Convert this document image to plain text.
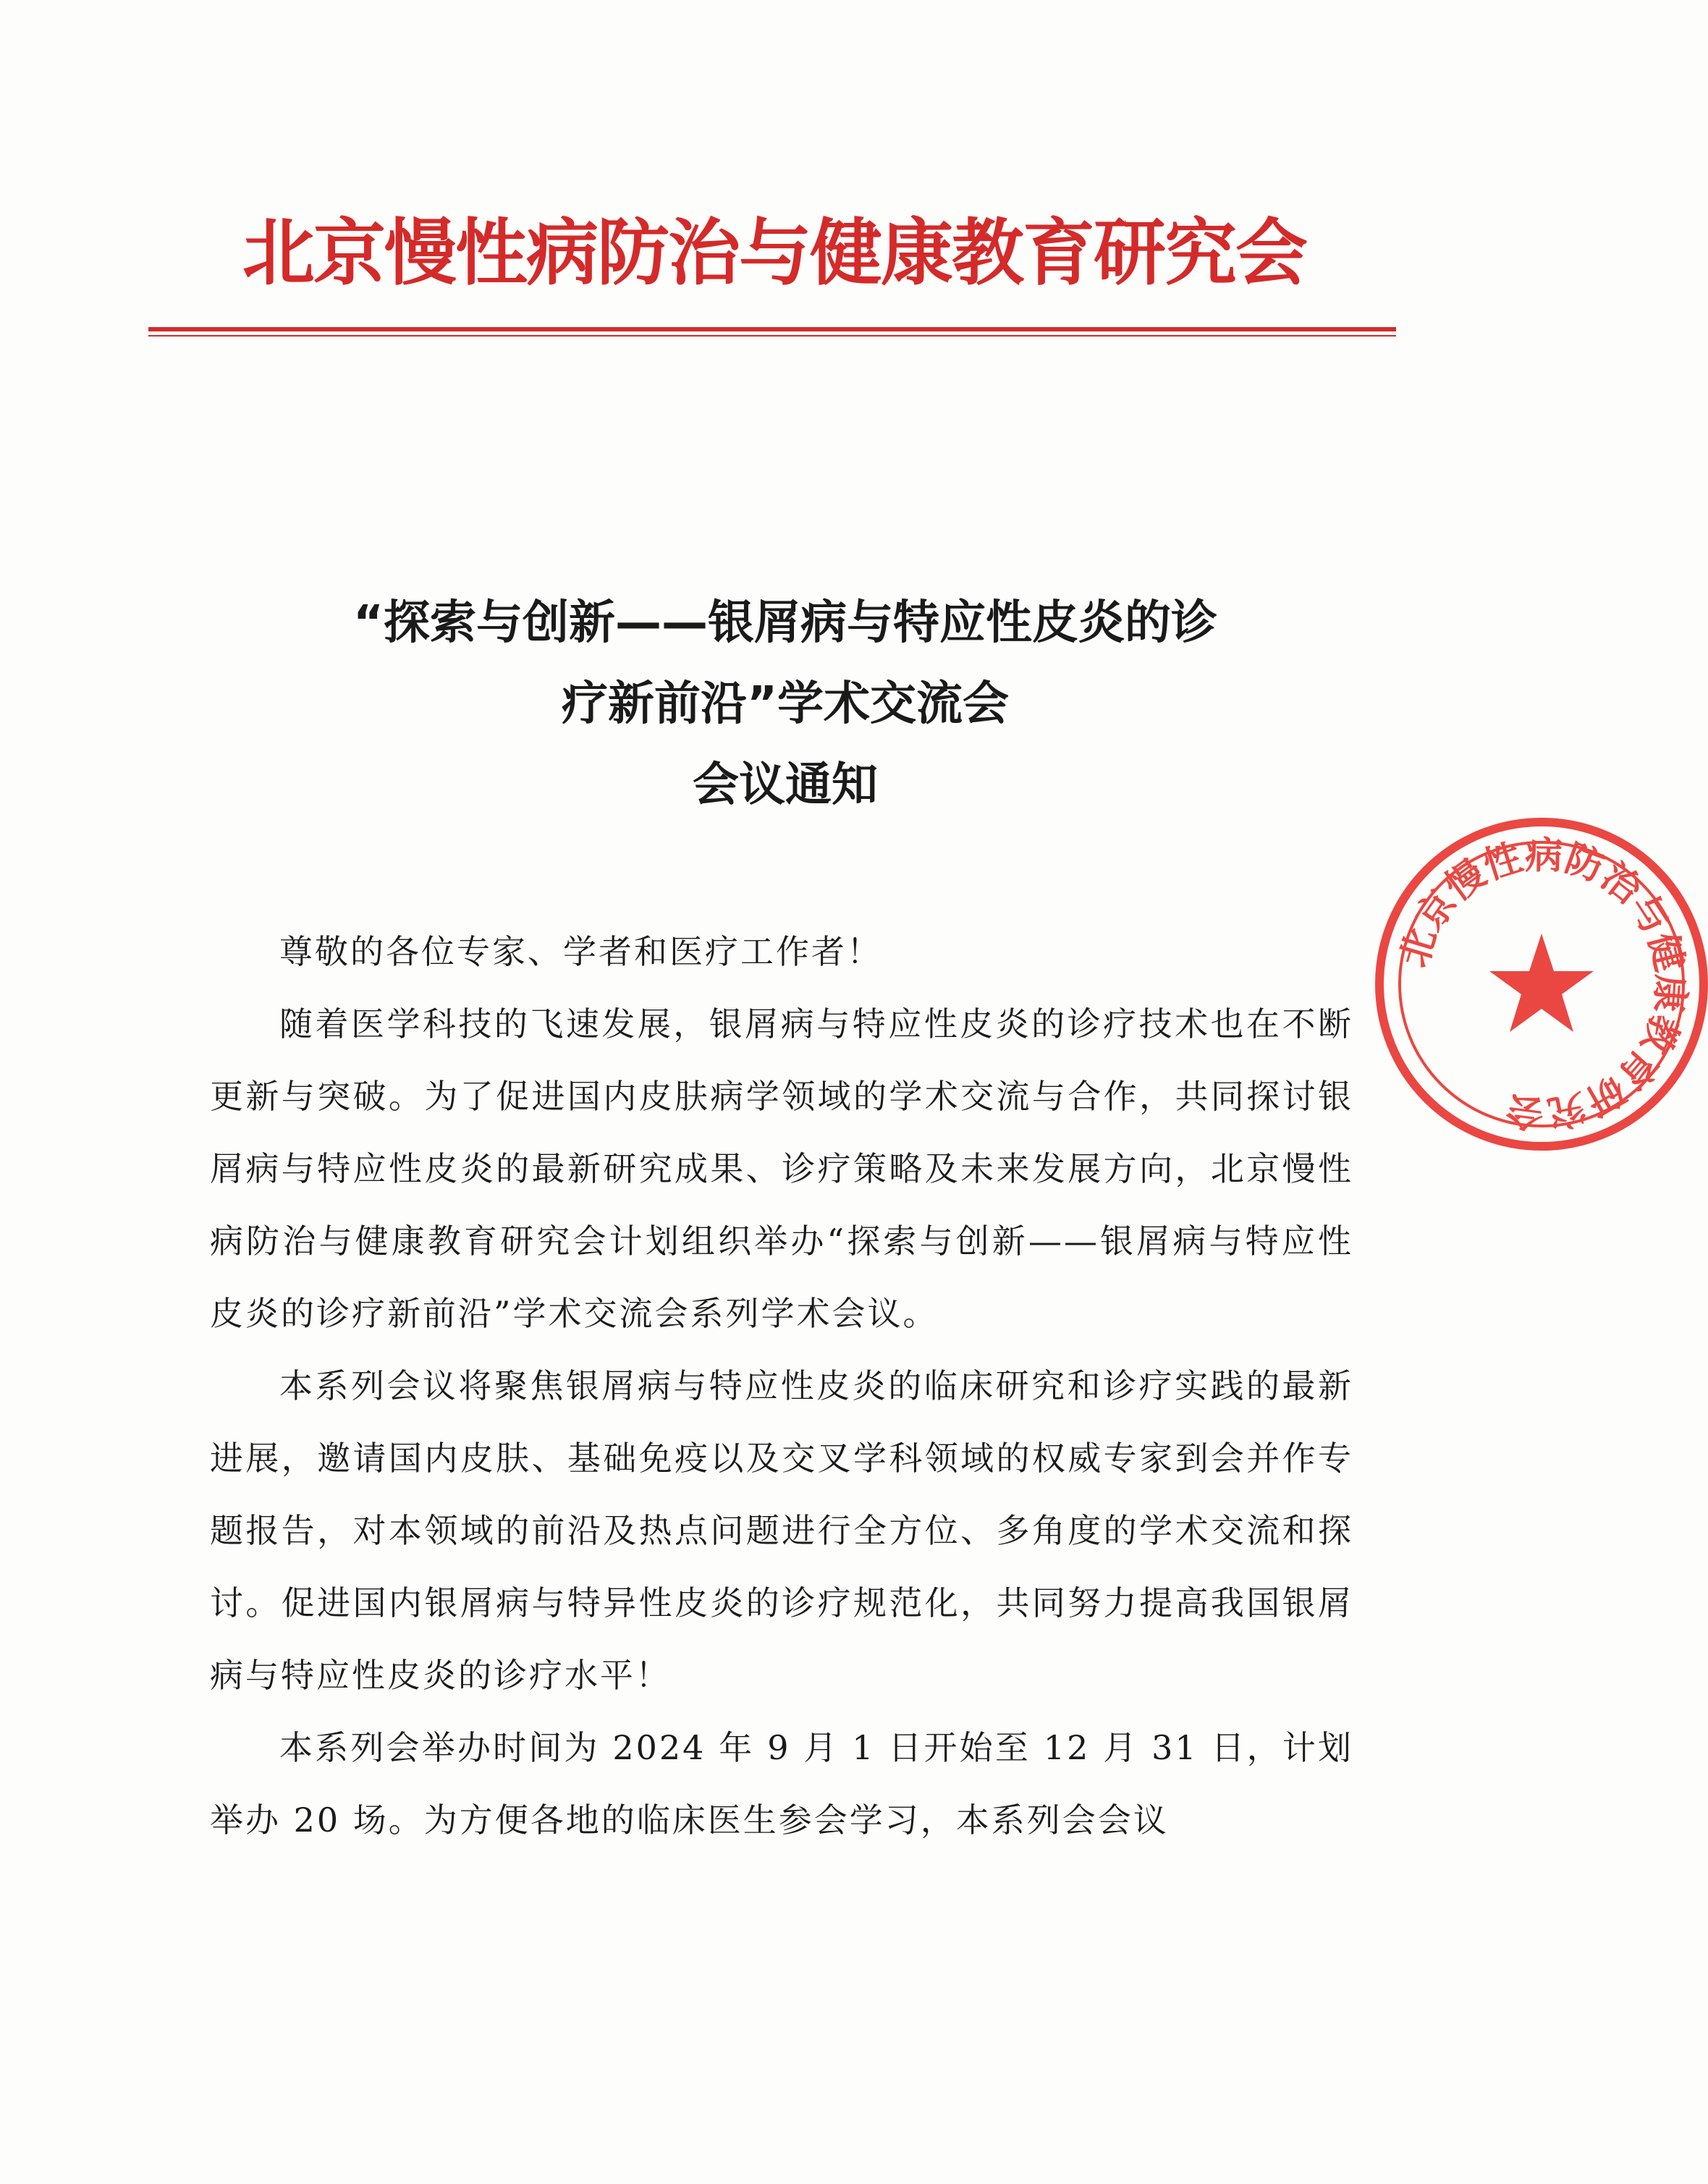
北京慢性病防治与健康教育研究会
“探索与创新——银屑病与特应性皮炎的诊
疗新前沿”学术交流会
会议通知
北京慢性病防治与健康教育研究会

尊敬的各位专家、学者和医疗工作者！

随着医学科技的飞速发展，银屑病与特应性皮炎的诊疗技术也在不断更新与突破。为了促进国内皮肤病学领域的学术交流与合作，共同探讨银屑病与特应性皮炎的最新研究成果、诊疗策略及未来发展方向，北京慢性病防治与健康教育研究会计划组织举办“探索与创新——银屑病与特应性皮炎的诊疗新前沿”学术交流会系列学术会议。

本系列会议将聚焦银屑病与特应性皮炎的临床研究和诊疗实践的最新进展，邀请国内皮肤、基础免疫以及交叉学科领域的权威专家到会并作专题报告，对本领域的前沿及热点问题进行全方位、多角度的学术交流和探讨。促进国内银屑病与特异性皮炎的诊疗规范化，共同努力提高我国银屑病与特应性皮炎的诊疗水平！

本系列会举办时间为 2024 年 9 月 1 日开始至 12 月 31 日，计划举办 20 场。为方便各地的临床医生参会学习，本系列会会议
